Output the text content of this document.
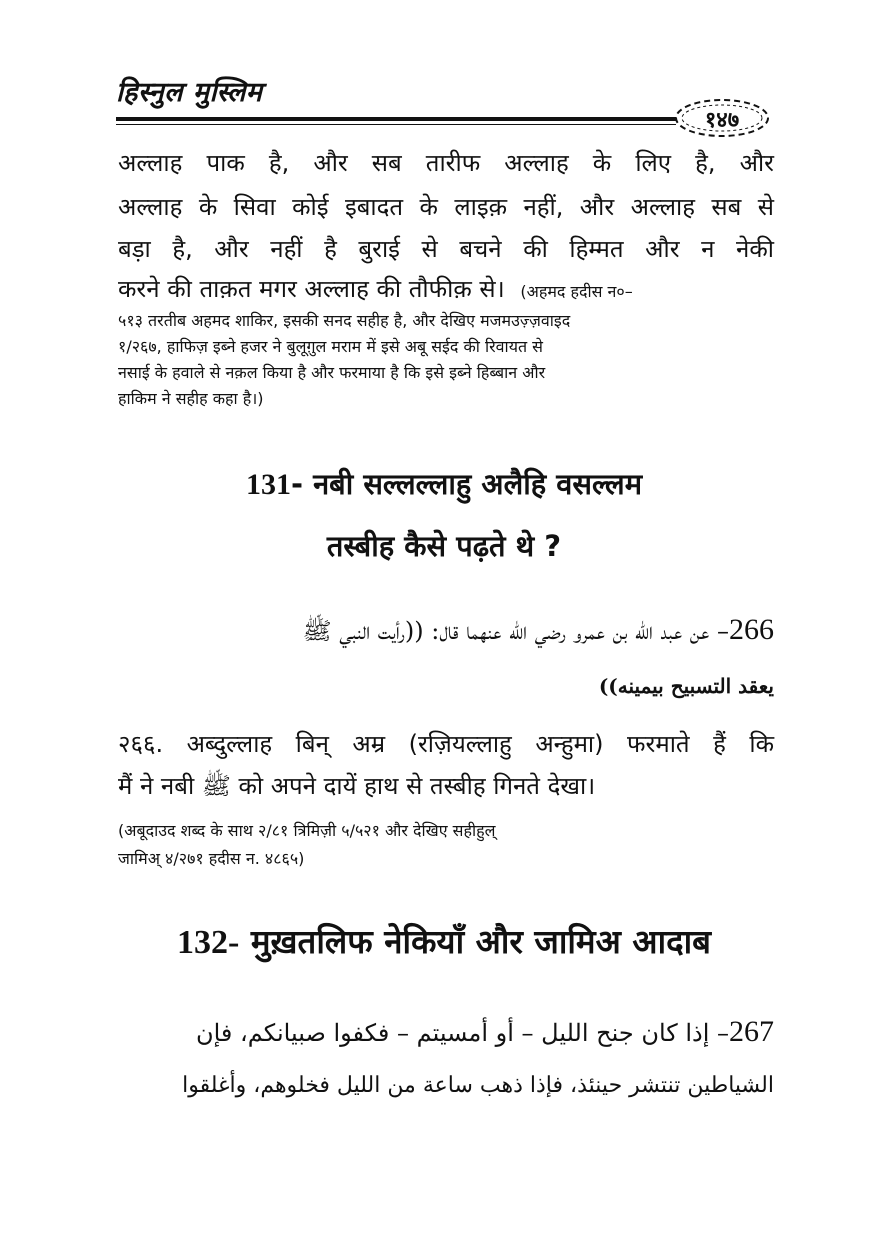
हिस्नुल मुस्लिम
१४७
अल्लाह पाक है, और सब तारीफ अल्लाह के लिए है, और
अल्लाह के सिवा कोई इबादत के लाइक़ नहीं, और अल्लाह सब से
बड़ा है, और नहीं है बुराई से बचने की हिम्मत और न नेकी
करने की ताक़त मगर अल्लाह की तौफीक़ से। (अहमद हदीस न०–
५१३ तरतीब अहमद शाकिर, इसकी सनद सहीह है, और देखिए मजमउज़्ज़वाइद
१/२६७, हाफिज़ इब्ने हजर ने बुलूग़ुल मराम में इसे अबू सईद की रिवायत से
नसाई के हवाले से नक़ल किया है और फरमाया है कि इसे इब्ने हिब्बान और
हाकिम ने सहीह कहा है।)
131- नबी सल्लल्लाहु अलैहि वसल्लम
तस्बीह कैसे पढ़ते थे ?
266– عن عبد الله بن عمرو رضي الله عنهما قال: ((رأيت النبي ﷺ
يعقد التسبيح بيمينه))
२६६. अब्दुल्लाह बिन् अम्र (रज़ियल्लाहु अन्हुमा) फरमाते हैं कि
मैं ने नबी ﷺ को अपने दायें हाथ से तस्बीह गिनते देखा।
(अबूदाउद शब्द के साथ २/८१ त्रिमिज़ी ५/५२१ और देखिए सहीहुल्
जामिअ् ४/२७१ हदीस न. ४८६५)
132- मुख़तलिफ नेकियाँ और जामिअ आदाब
267– إذا كان جنح الليل – أو أمسيتم – فكفوا صبيانكم، فإن
الشياطين تنتشر حينئذ، فإذا ذهب ساعة من الليل فخلوهم، وأغلقوا
